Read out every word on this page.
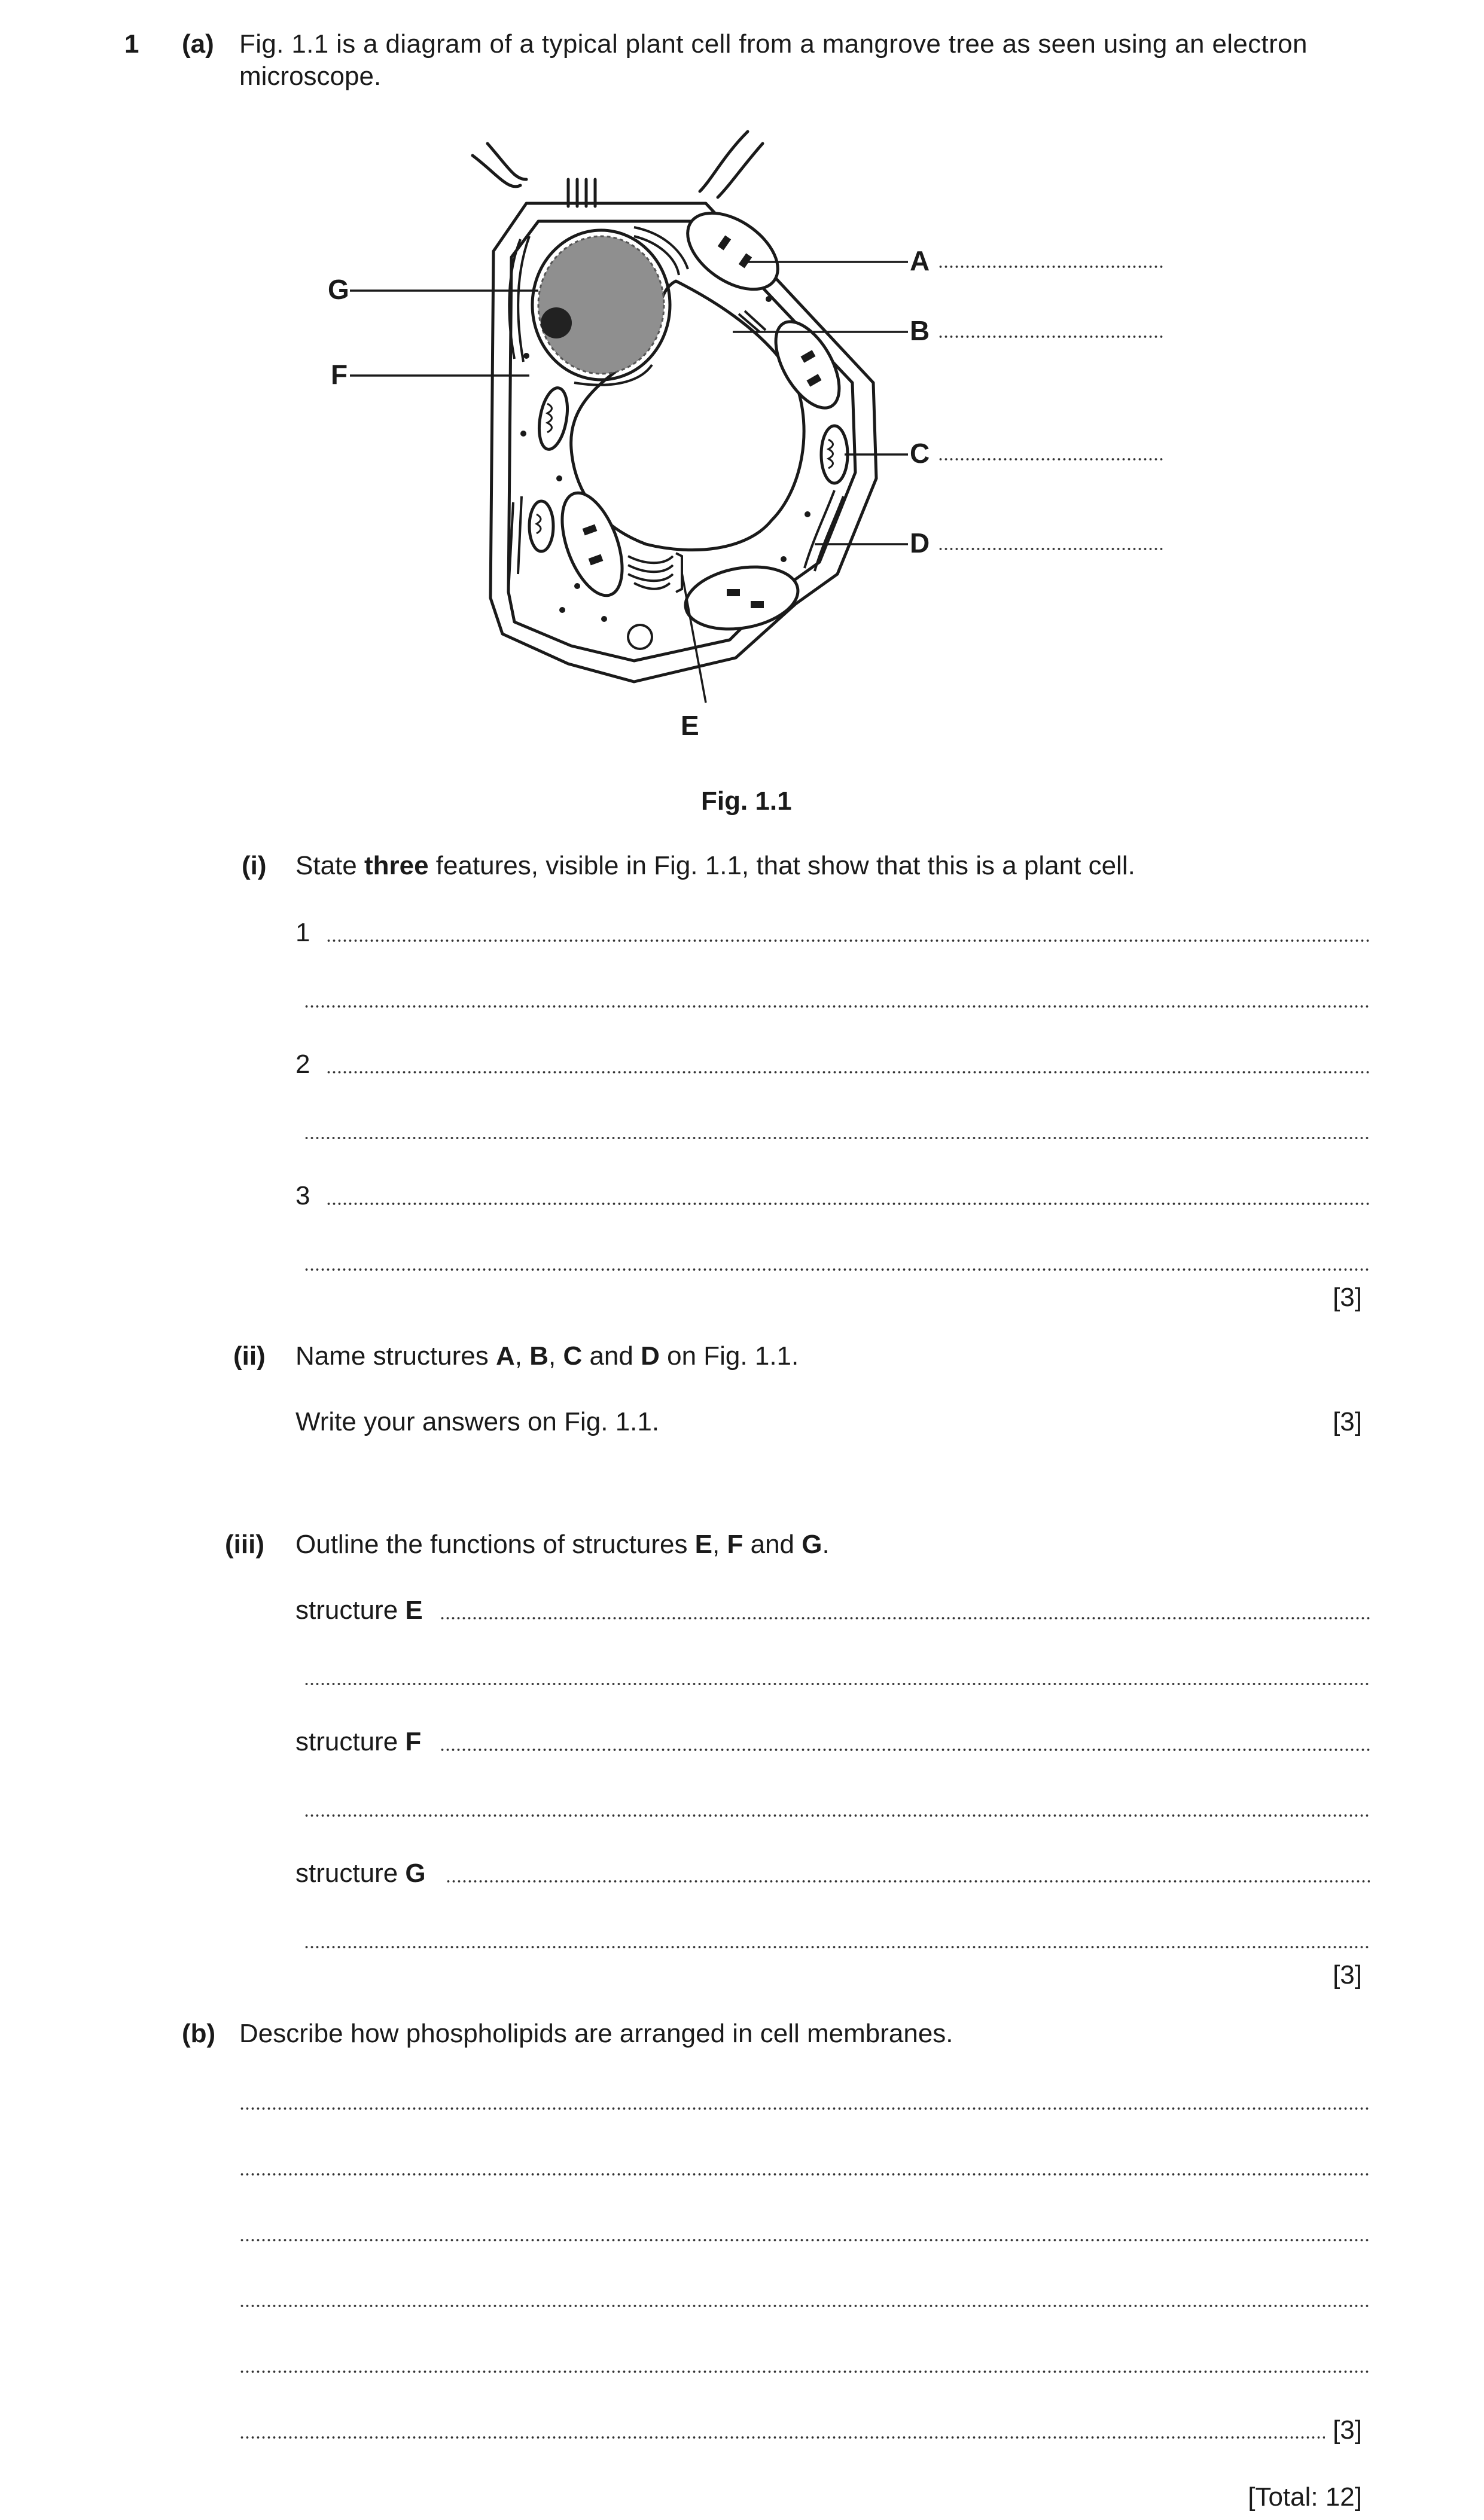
1 (a) Fig. 1.1 is a diagram of a typical plant cell from a mangrove tree as seen using an electron
microscope.
A
B
C
D
E
F
G
Fig. 1.1
(i) State three features, visible in Fig. 1.1, that show that this is a plant cell.
1
2
3
[3]
(ii) Name structures A, B, C and D on Fig. 1.1.
Write your answers on Fig. 1.1.	[3]
(iii) Outline the functions of structures E, F and G.
structure E
structure F
structure G
[3]
(b) Describe how phospholipids are arranged in cell membranes.
[3]
[Total: 12]
